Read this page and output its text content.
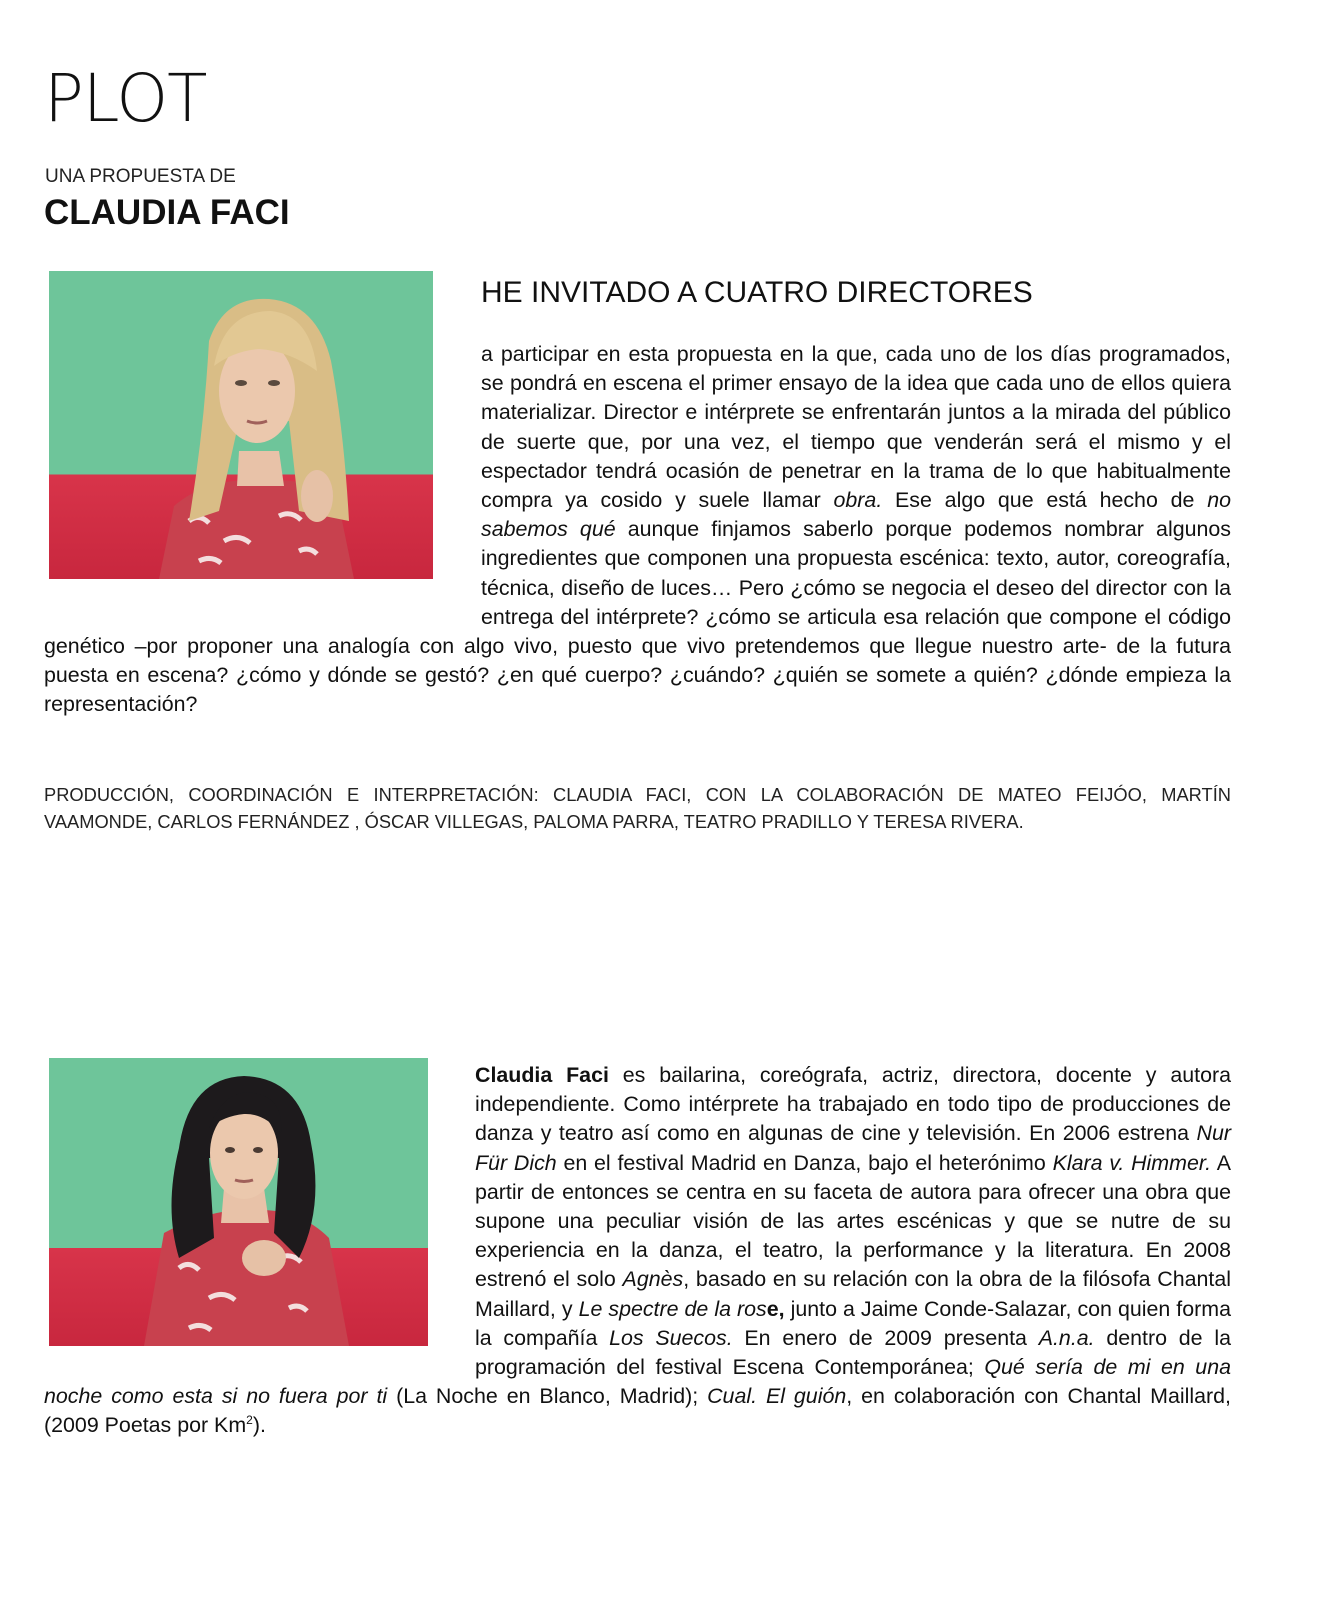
PLOT
UNA PROPUESTA DE
CLAUDIA FACI
HE INVITADO A CUATRO DIRECTORES

a participar en esta propuesta en la que, cada uno de los días programados, se pondrá en escena el primer ensayo de la idea que cada uno de ellos quiera materializar. Director e intérprete se enfrentarán juntos a la mirada del público de suerte que, por una vez, el tiempo que venderán será el mismo y el espectador tendrá ocasión de penetrar en la trama de lo que habitualmente compra ya cosido y suele llamar obra. Ese algo que está hecho de no sabemos qué aunque finjamos saberlo porque podemos nombrar algunos ingredientes que componen una propuesta escénica: texto, autor, coreografía, técnica, diseño de luces… Pero ¿cómo se negocia el deseo del director con la entrega del intérprete? ¿cómo se articula esa relación que compone el código genético –por proponer una analogía con algo vivo, puesto que vivo pretendemos que llegue nuestro arte- de la futura puesta en escena? ¿cómo y dónde se gestó? ¿en qué cuerpo? ¿cuándo? ¿quién se somete a quién? ¿dónde empieza la representación?

PRODUCCIÓN, COORDINACIÓN E INTERPRETACIÓN: CLAUDIA FACI, CON LA COLABORACIÓN DE MATEO FEIJÓO, MARTÍN VAAMONDE, CARLOS FERNÁNDEZ , ÓSCAR VILLEGAS, PALOMA PARRA, TEATRO PRADILLO Y TERESA RIVERA.

Claudia Faci es bailarina, coreógrafa, actriz, directora, docente y autora independiente. Como intérprete ha trabajado en todo tipo de producciones de danza y teatro así como en algunas de cine y televisión. En 2006 estrena Nur Für Dich en el festival Madrid en Danza, bajo el heterónimo Klara v. Himmer. A partir de entonces se centra en su faceta de autora para ofrecer una obra que supone una peculiar visión de las artes escénicas y que se nutre de su experiencia en la danza, el teatro, la performance y la literatura. En 2008 estrenó el solo Agnès, basado en su relación con la obra de la filósofa Chantal Maillard, y Le spectre de la rose, junto a Jaime Conde-Salazar, con quien forma la compañía Los Suecos. En enero de 2009 presenta A.n.a. dentro de la programación del festival Escena Contemporánea; Qué sería de mi en una noche como esta si no fuera por ti (La Noche en Blanco, Madrid); Cual. El guión, en colaboración con Chantal Maillard, (2009 Poetas por Km$^2$).
